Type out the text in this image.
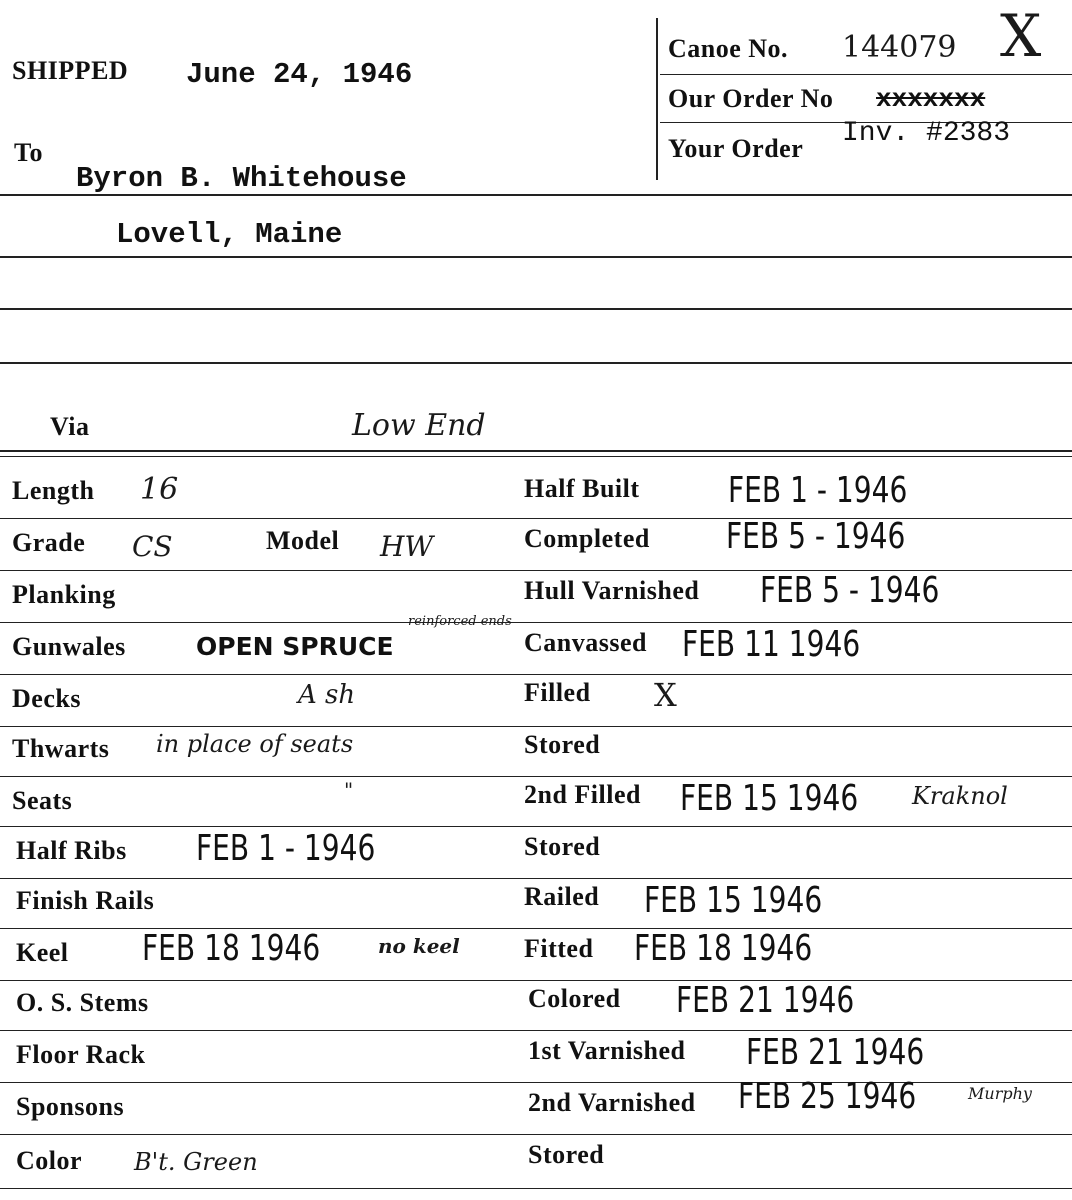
SHIPPED June 24, 1946
To
Byron B. Whitehouse
Lovell, Maine
Canoe No. 144079 X
Our Order No xxxxxxx
Your Order Inv. #2383
Via	Low End
Length 16
Grade CS	Model HW
Planking
Gunwales	OPEN SPRUCE
reinforced ends
Decks	A sh
Thwarts in place of seats
Seats	"
Half Ribs FEB 1 - 1946
Finish Rails
Keel FEB 18 1946	no keel
O. S. Stems
Floor Rack
Sponsons
Color B't. Green
Half Built FEB 1 - 1946
Completed FEB 5 - 1946
Hull Varnished FEB 5 - 1946
Canvassed FEB 11 1946
Filled X
Stored
2nd Filled FEB 15 1946 Kraknol
Stored
Railed FEB 15 1946
Fitted FEB 18 1946
Colored FEB 21 1946
1st Varnished FEB 21 1946
2nd Varnished FEB 25 1946	Murphy
Stored
